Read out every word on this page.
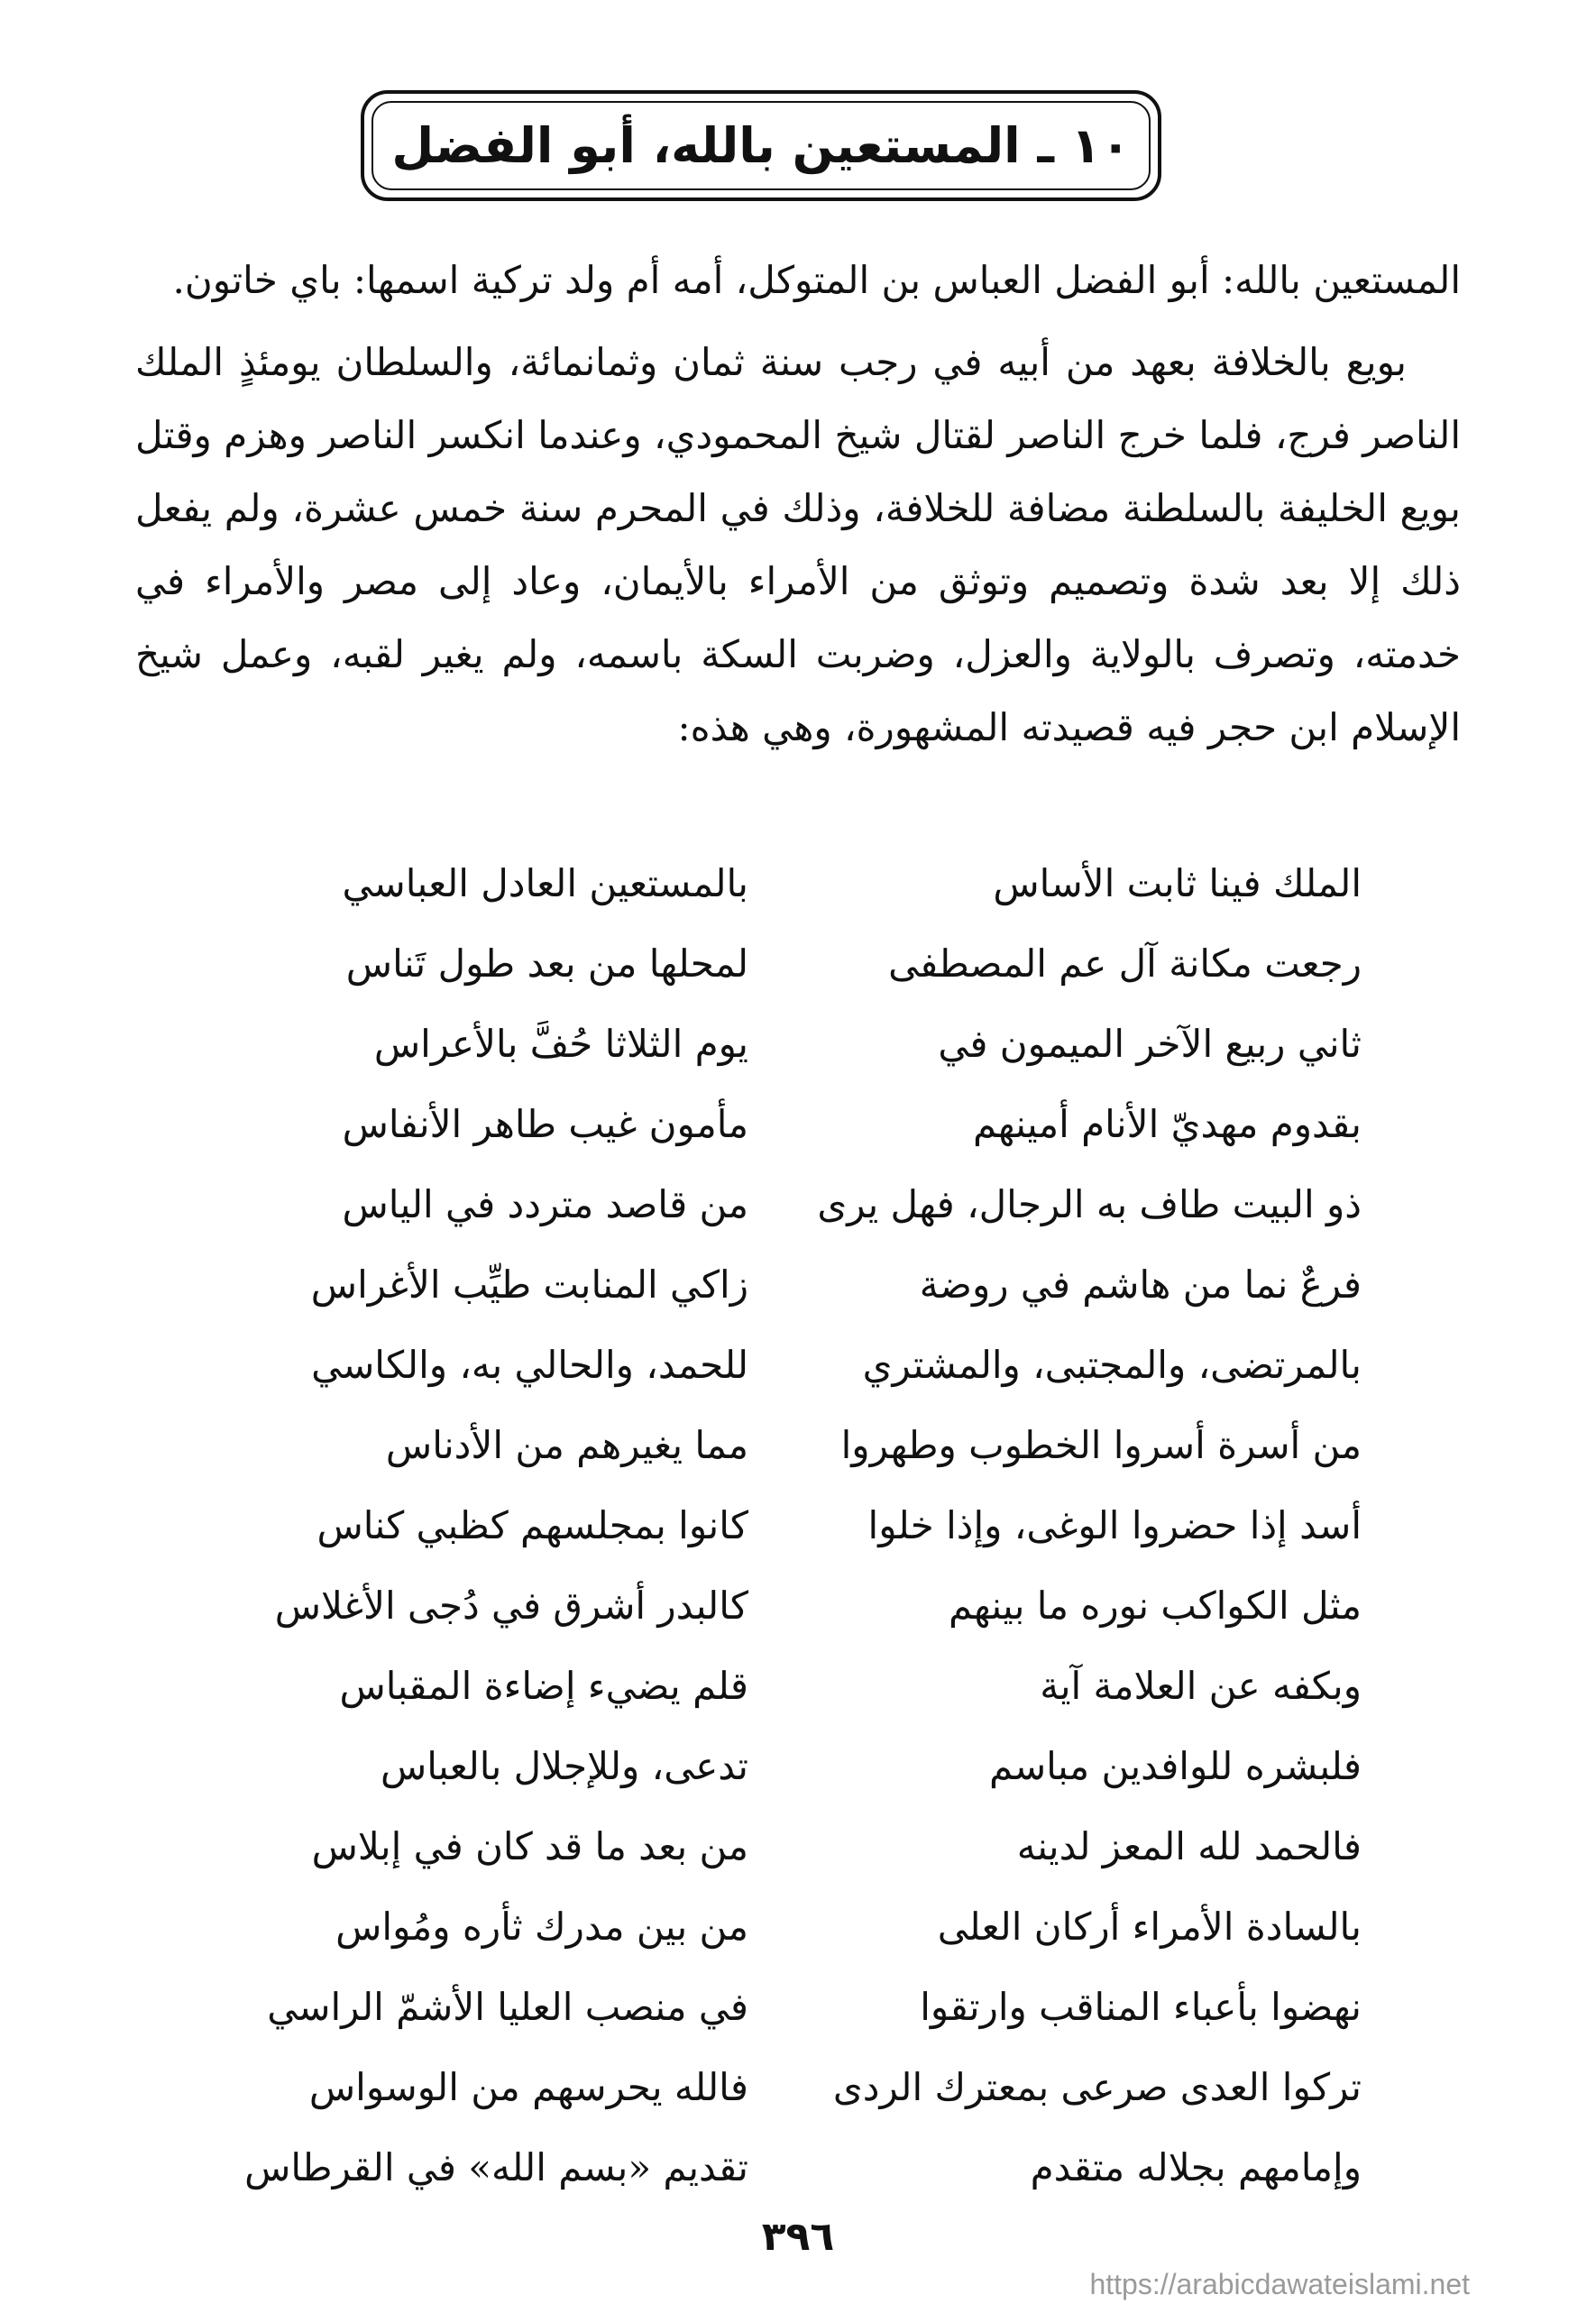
١٠ ـ المستعين بالله، أبو الفضل

المستعين بالله: أبو الفضل العباس بن المتوكل، أمه أم ولد تركية اسمها: باي خاتون.

بويع بالخلافة بعهد من أبيه في رجب سنة ثمان وثمانمائة، والسلطان يومئذٍ الملك الناصر فرج، فلما خرج الناصر لقتال شيخ المحمودي، وعندما انكسر الناصر وهزم وقتل بويع الخليفة بالسلطنة مضافة للخلافة، وذلك في المحرم سنة خمس عشرة، ولم يفعل ذلك إلا بعد شدة وتصميم وتوثق من الأمراء بالأيمان، وعاد إلى مصر والأمراء في خدمته، وتصرف بالولاية والعزل، وضربت السكة باسمه، ولم يغير لقبه، وعمل شيخ الإسلام ابن حجر فيه قصيدته المشهورة، وهي هذه:

الملك فينا ثابت الأساس
بالمستعين العادل العباسي
رجعت مكانة آل عم المصطفى
لمحلها من بعد طول تَناس
ثاني ربيع الآخر الميمون في
يوم الثلاثا حُفَّ بالأعراس
بقدوم مهديّ الأنام أمينهم
مأمون غيب طاهر الأنفاس
ذو البيت طاف به الرجال، فهل يرى
من قاصد متردد في الياس
فرعٌ نما من هاشم في روضة
زاكي المنابت طيِّب الأغراس
بالمرتضى، والمجتبى، والمشتري
للحمد، والحالي به، والكاسي
من أسرة أسروا الخطوب وطهروا
مما يغيرهم من الأدناس
أسد إذا حضروا الوغى، وإذا خلوا
كانوا بمجلسهم كظبي كناس
مثل الكواكب نوره ما بينهم
كالبدر أشرق في دُجى الأغلاس
وبكفه عن العلامة آية
قلم يضيء إضاءة المقباس
فلبشره للوافدين مباسم
تدعى، وللإجلال بالعباس
فالحمد لله المعز لدينه
من بعد ما قد كان في إبلاس
بالسادة الأمراء أركان العلى
من بين مدرك ثأره ومُواس
نهضوا بأعباء المناقب وارتقوا
في منصب العليا الأشمّ الراسي
تركوا العدى صرعى بمعترك الردى
فالله يحرسهم من الوسواس
وإمامهم بجلاله متقدم
تقديم «بسم الله» في القرطاس
٣٩٦
https://arabicdawateislami.net
